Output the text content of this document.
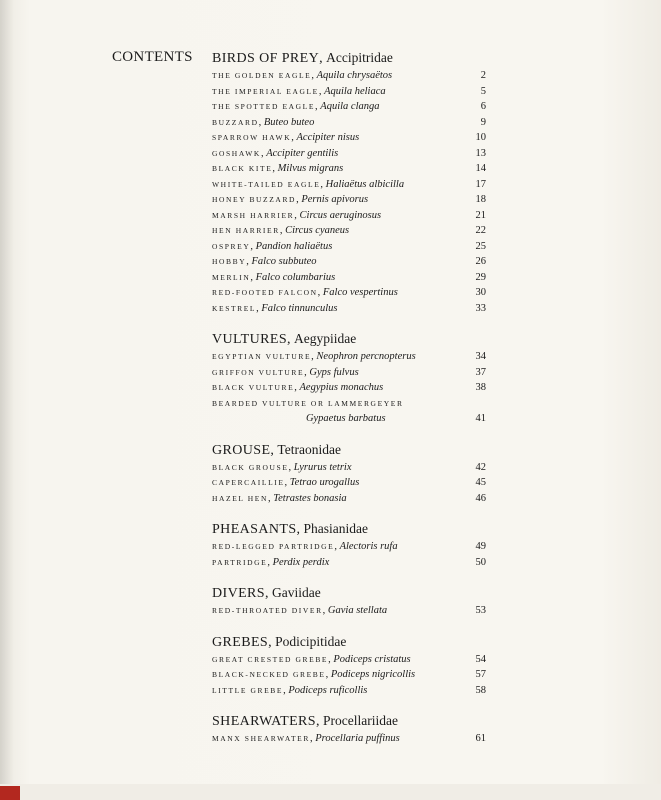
CONTENTS BIRDS OF PREY, Accipitridae
THE GOLDEN EAGLE, Aquila chrysaëtos	2
THE IMPERIAL EAGLE, Aquila heliaca	5
THE SPOTTED EAGLE, Aquila clanga	6
BUZZARD, Buteo buteo	9
SPARROW HAWK, Accipiter nisus	10
GOSHAWK, Accipiter gentilis	13
BLACK KITE, Milvus migrans	14
WHITE-TAILED EAGLE, Haliaëtus albicilla	17
HONEY BUZZARD, Pernis apivorus	18
MARSH HARRIER, Circus aeruginosus	21
HEN HARRIER, Circus cyaneus	22
OSPREY, Pandion haliaëtus	25
HOBBY, Falco subbuteo	26
MERLIN, Falco columbarius	29
RED-FOOTED FALCON, Falco vespertinus	30
KESTREL, Falco tinnunculus	33
VULTURES, Aegypiidae
EGYPTIAN VULTURE, Neophron percnopterus	34
GRIFFON VULTURE, Gyps fulvus	37
BLACK VULTURE, Aegypius monachus	38
BEARDED VULTURE OR LAMMERGEYER
Gypaetus barbatus	41
GROUSE, Tetraonidae
BLACK GROUSE, Lyrurus tetrix	42
CAPERCAILLIE, Tetrao urogallus	45
HAZEL HEN, Tetrastes bonasia	46
PHEASANTS, Phasianidae
RED-LEGGED PARTRIDGE, Alectoris rufa	49
PARTRIDGE, Perdix perdix	50
DIVERS, Gaviidae
RED-THROATED DIVER, Gavia stellata	53
GREBES, Podicipitidae
GREAT CRESTED GREBE, Podiceps cristatus	54
BLACK-NECKED GREBE, Podiceps nigricollis	57
LITTLE GREBE, Podiceps ruficollis	58
SHEARWATERS, Procellariidae
MANX SHEARWATER, Procellaria puffinus	61
